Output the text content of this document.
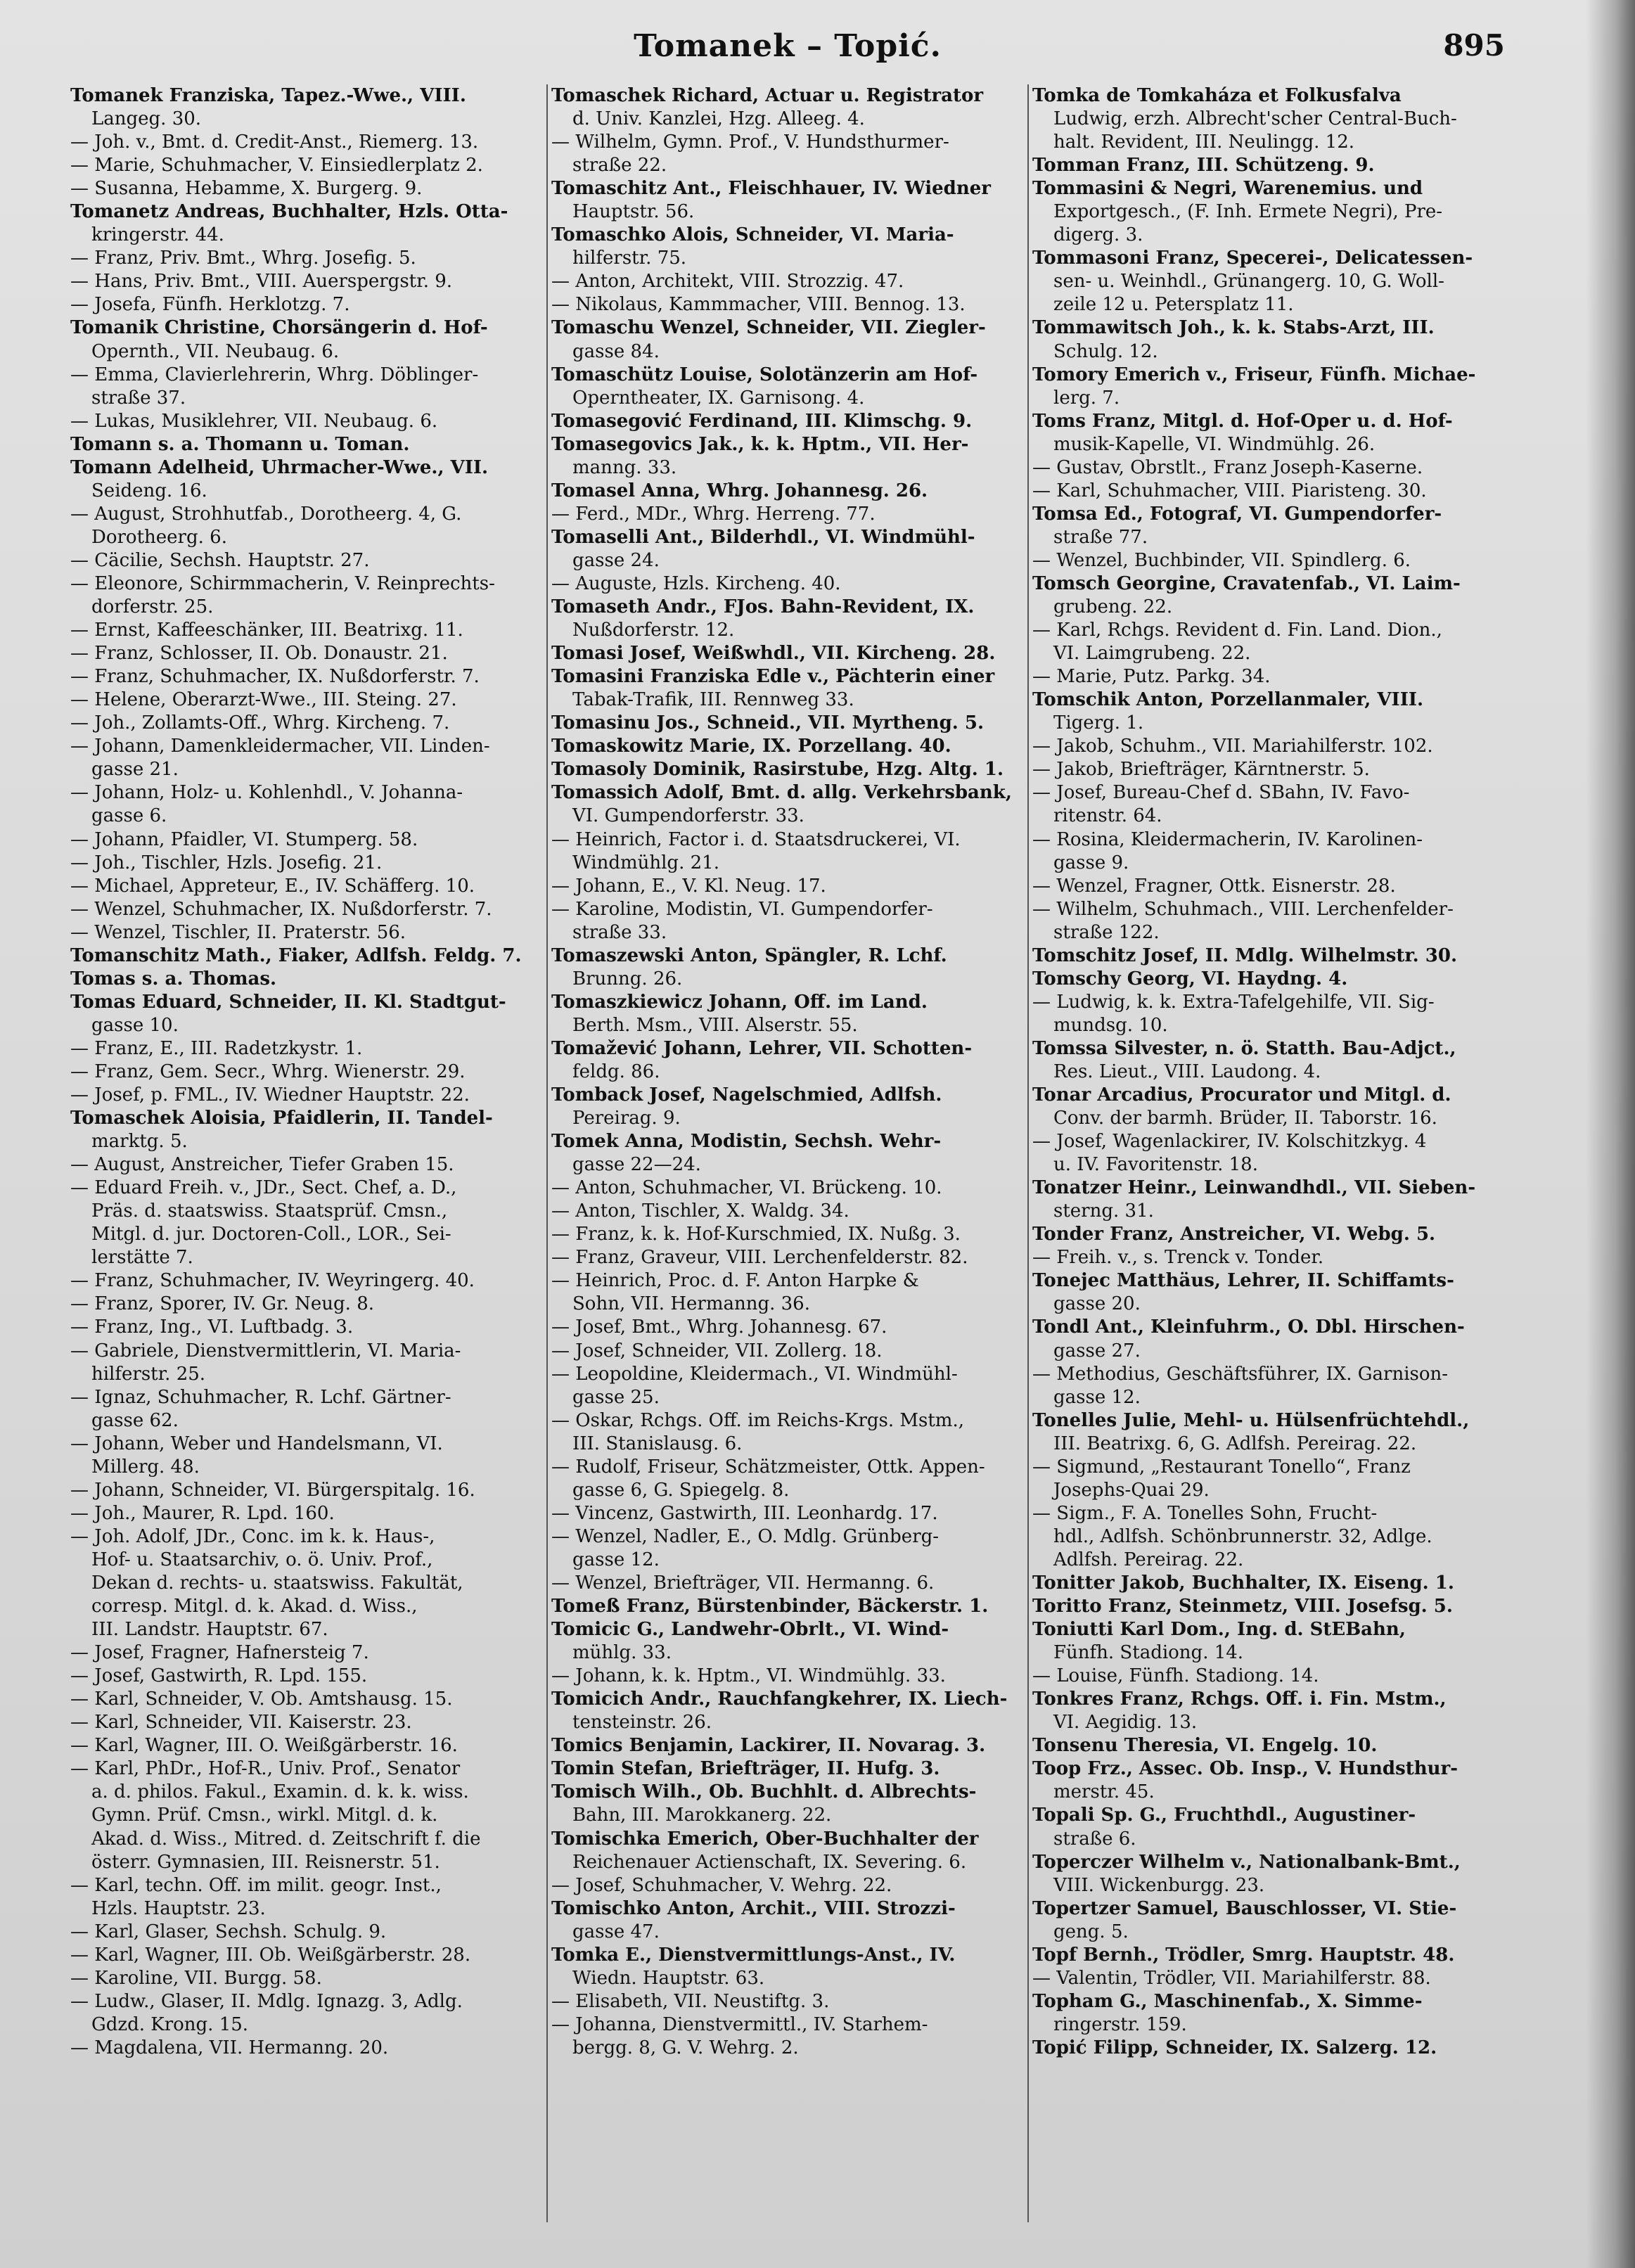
Tomanek – Topić.	895
Tomanek Franziska, Tapez.-Wwe., VIII.
Langeg. 30.
— Joh. v., Bmt. d. Credit-Anst., Riemerg. 13.
— Marie, Schuhmacher, V. Einsiedlerplatz 2.
— Susanna, Hebamme, X. Burgerg. 9.
Tomanetz Andreas, Buchhalter, Hzls. Otta-
kringerstr. 44.
— Franz, Priv. Bmt., Whrg. Josefig. 5.
— Hans, Priv. Bmt., VIII. Auerspergstr. 9.
— Josefa, Fünfh. Herklotzg. 7.
Tomanik Christine, Chorsängerin d. Hof-
Opernth., VII. Neubaug. 6.
— Emma, Clavierlehrerin, Whrg. Döblinger-
straße 37.
— Lukas, Musiklehrer, VII. Neubaug. 6.
Tomann s. a. Thomann u. Toman.
Tomann Adelheid, Uhrmacher-Wwe., VII.
Seideng. 16.
— August, Strohhutfab., Dorotheerg. 4, G.
Dorotheerg. 6.
— Cäcilie, Sechsh. Hauptstr. 27.
— Eleonore, Schirmmacherin, V. Reinprechts-
dorferstr. 25.
— Ernst, Kaffeeschänker, III. Beatrixg. 11.
— Franz, Schlosser, II. Ob. Donaustr. 21.
— Franz, Schuhmacher, IX. Nußdorferstr. 7.
— Helene, Oberarzt-Wwe., III. Steing. 27.
— Joh., Zollamts-Off., Whrg. Kircheng. 7.
— Johann, Damenkleidermacher, VII. Linden-
gasse 21.
— Johann, Holz- u. Kohlenhdl., V. Johanna-
gasse 6.
— Johann, Pfaidler, VI. Stumperg. 58.
— Joh., Tischler, Hzls. Josefig. 21.
— Michael, Appreteur, E., IV. Schäfferg. 10.
— Wenzel, Schuhmacher, IX. Nußdorferstr. 7.
— Wenzel, Tischler, II. Praterstr. 56.
Tomanschitz Math., Fiaker, Adlfsh. Feldg. 7.
Tomas s. a. Thomas.
Tomas Eduard, Schneider, II. Kl. Stadtgut-
gasse 10.
— Franz, E., III. Radetzkystr. 1.
— Franz, Gem. Secr., Whrg. Wienerstr. 29.
— Josef, p. FML., IV. Wiedner Hauptstr. 22.
Tomaschek Aloisia, Pfaidlerin, II. Tandel-
marktg. 5.
— August, Anstreicher, Tiefer Graben 15.
— Eduard Freih. v., JDr., Sect. Chef, a. D.,
Präs. d. staatswiss. Staatsprüf. Cmsn.,
Mitgl. d. jur. Doctoren-Coll., LOR., Sei-
lerstätte 7.
— Franz, Schuhmacher, IV. Weyringerg. 40.
— Franz, Sporer, IV. Gr. Neug. 8.
— Franz, Ing., VI. Luftbadg. 3.
— Gabriele, Dienstvermittlerin, VI. Maria-
hilferstr. 25.
— Ignaz, Schuhmacher, R. Lchf. Gärtner-
gasse 62.
— Johann, Weber und Handelsmann, VI.
Millerg. 48.
— Johann, Schneider, VI. Bürgerspitalg. 16.
— Joh., Maurer, R. Lpd. 160.
— Joh. Adolf, JDr., Conc. im k. k. Haus-,
Hof- u. Staatsarchiv, o. ö. Univ. Prof.,
Dekan d. rechts- u. staatswiss. Fakultät,
corresp. Mitgl. d. k. Akad. d. Wiss.,
III. Landstr. Hauptstr. 67.
— Josef, Fragner, Hafnersteig 7.
— Josef, Gastwirth, R. Lpd. 155.
— Karl, Schneider, V. Ob. Amtshausg. 15.
— Karl, Schneider, VII. Kaiserstr. 23.
— Karl, Wagner, III. O. Weißgärberstr. 16.
— Karl, PhDr., Hof-R., Univ. Prof., Senator
a. d. philos. Fakul., Examin. d. k. k. wiss.
Gymn. Prüf. Cmsn., wirkl. Mitgl. d. k.
Akad. d. Wiss., Mitred. d. Zeitschrift f. die
österr. Gymnasien, III. Reisnerstr. 51.
— Karl, techn. Off. im milit. geogr. Inst.,
Hzls. Hauptstr. 23.
— Karl, Glaser, Sechsh. Schulg. 9.
— Karl, Wagner, III. Ob. Weißgärberstr. 28.
— Karoline, VII. Burgg. 58.
— Ludw., Glaser, II. Mdlg. Ignazg. 3, Adlg.
Gdzd. Krong. 15.
— Magdalena, VII. Hermanng. 20.
Tomaschek Richard, Actuar u. Registrator
d. Univ. Kanzlei, Hzg. Alleeg. 4.
— Wilhelm, Gymn. Prof., V. Hundsthurmer-
straße 22.
Tomaschitz Ant., Fleischhauer, IV. Wiedner
Hauptstr. 56.
Tomaschko Alois, Schneider, VI. Maria-
hilferstr. 75.
— Anton, Architekt, VIII. Strozzig. 47.
— Nikolaus, Kammmacher, VIII. Bennog. 13.
Tomaschu Wenzel, Schneider, VII. Ziegler-
gasse 84.
Tomaschütz Louise, Solotänzerin am Hof-
Operntheater, IX. Garnisong. 4.
Tomasegović Ferdinand, III. Klimschg. 9.
Tomasegovics Jak., k. k. Hptm., VII. Her-
manng. 33.
Tomasel Anna, Whrg. Johannesg. 26.
— Ferd., MDr., Whrg. Herreng. 77.
Tomaselli Ant., Bilderhdl., VI. Windmühl-
gasse 24.
— Auguste, Hzls. Kircheng. 40.
Tomaseth Andr., FJos. Bahn-Revident, IX.
Nußdorferstr. 12.
Tomasi Josef, Weißwhdl., VII. Kircheng. 28.
Tomasini Franziska Edle v., Pächterin einer
Tabak-Trafik, III. Rennweg 33.
Tomasinu Jos., Schneid., VII. Myrtheng. 5.
Tomaskowitz Marie, IX. Porzellang. 40.
Tomasoly Dominik, Rasirstube, Hzg. Altg. 1.
Tomassich Adolf, Bmt. d. allg. Verkehrsbank,
VI. Gumpendorferstr. 33.
— Heinrich, Factor i. d. Staatsdruckerei, VI.
Windmühlg. 21.
— Johann, E., V. Kl. Neug. 17.
— Karoline, Modistin, VI. Gumpendorfer-
straße 33.
Tomaszewski Anton, Spängler, R. Lchf.
Brunng. 26.
Tomaszkiewicz Johann, Off. im Land.
Berth. Msm., VIII. Alserstr. 55.
Tomažević Johann, Lehrer, VII. Schotten-
feldg. 86.
Tomback Josef, Nagelschmied, Adlfsh.
Pereirag. 9.
Tomek Anna, Modistin, Sechsh. Wehr-
gasse 22—24.
— Anton, Schuhmacher, VI. Brückeng. 10.
— Anton, Tischler, X. Waldg. 34.
— Franz, k. k. Hof-Kurschmied, IX. Nußg. 3.
— Franz, Graveur, VIII. Lerchenfelderstr. 82.
— Heinrich, Proc. d. F. Anton Harpke &
Sohn, VII. Hermanng. 36.
— Josef, Bmt., Whrg. Johannesg. 67.
— Josef, Schneider, VII. Zollerg. 18.
— Leopoldine, Kleidermach., VI. Windmühl-
gasse 25.
— Oskar, Rchgs. Off. im Reichs-Krgs. Mstm.,
III. Stanislausg. 6.
— Rudolf, Friseur, Schätzmeister, Ottk. Appen-
gasse 6, G. Spiegelg. 8.
— Vincenz, Gastwirth, III. Leonhardg. 17.
— Wenzel, Nadler, E., O. Mdlg. Grünberg-
gasse 12.
— Wenzel, Briefträger, VII. Hermanng. 6.
Tomeß Franz, Bürstenbinder, Bäckerstr. 1.
Tomicic G., Landwehr-Obrlt., VI. Wind-
mühlg. 33.
— Johann, k. k. Hptm., VI. Windmühlg. 33.
Tomicich Andr., Rauchfangkehrer, IX. Liech-
tensteinstr. 26.
Tomics Benjamin, Lackirer, II. Novarag. 3.
Tomin Stefan, Briefträger, II. Hufg. 3.
Tomisch Wilh., Ob. Buchhlt. d. Albrechts-
Bahn, III. Marokkanerg. 22.
Tomischka Emerich, Ober-Buchhalter der
Reichenauer Actienschaft, IX. Severing. 6.
— Josef, Schuhmacher, V. Wehrg. 22.
Tomischko Anton, Archit., VIII. Strozzi-
gasse 47.
Tomka E., Dienstvermittlungs-Anst., IV.
Wiedn. Hauptstr. 63.
— Elisabeth, VII. Neustiftg. 3.
— Johanna, Dienstvermittl., IV. Starhem-
bergg. 8, G. V. Wehrg. 2.
Tomka de Tomkaháza et Folkusfalva
Ludwig, erzh. Albrecht'scher Central-Buch-
halt. Revident, III. Neulingg. 12.
Tomman Franz, III. Schützeng. 9.
Tommasini & Negri, Warenemius. und
Exportgesch., (F. Inh. Ermete Negri), Pre-
digerg. 3.
Tommasoni Franz, Specerei-, Delicatessen-
sen- u. Weinhdl., Grünangerg. 10, G. Woll-
zeile 12 u. Petersplatz 11.
Tommawitsch Joh., k. k. Stabs-Arzt, III.
Schulg. 12.
Tomory Emerich v., Friseur, Fünfh. Michae-
lerg. 7.
Toms Franz, Mitgl. d. Hof-Oper u. d. Hof-
musik-Kapelle, VI. Windmühlg. 26.
— Gustav, Obrstlt., Franz Joseph-Kaserne.
— Karl, Schuhmacher, VIII. Piaristeng. 30.
Tomsa Ed., Fotograf, VI. Gumpendorfer-
straße 77.
— Wenzel, Buchbinder, VII. Spindlerg. 6.
Tomsch Georgine, Cravatenfab., VI. Laim-
grubeng. 22.
— Karl, Rchgs. Revident d. Fin. Land. Dion.,
VI. Laimgrubeng. 22.
— Marie, Putz. Parkg. 34.
Tomschik Anton, Porzellanmaler, VIII.
Tigerg. 1.
— Jakob, Schuhm., VII. Mariahilferstr. 102.
— Jakob, Briefträger, Kärntnerstr. 5.
— Josef, Bureau-Chef d. SBahn, IV. Favo-
ritenstr. 64.
— Rosina, Kleidermacherin, IV. Karolinen-
gasse 9.
— Wenzel, Fragner, Ottk. Eisnerstr. 28.
— Wilhelm, Schuhmach., VIII. Lerchenfelder-
straße 122.
Tomschitz Josef, II. Mdlg. Wilhelmstr. 30.
Tomschy Georg, VI. Haydng. 4.
— Ludwig, k. k. Extra-Tafelgehilfe, VII. Sig-
mundsg. 10.
Tomssa Silvester, n. ö. Statth. Bau-Adjct.,
Res. Lieut., VIII. Laudong. 4.
Tonar Arcadius, Procurator und Mitgl. d.
Conv. der barmh. Brüder, II. Taborstr. 16.
— Josef, Wagenlackirer, IV. Kolschitzkyg. 4
u. IV. Favoritenstr. 18.
Tonatzer Heinr., Leinwandhdl., VII. Sieben-
sterng. 31.
Tonder Franz, Anstreicher, VI. Webg. 5.
— Freih. v., s. Trenck v. Tonder.
Tonejec Matthäus, Lehrer, II. Schiffamts-
gasse 20.
Tondl Ant., Kleinfuhrm., O. Dbl. Hirschen-
gasse 27.
— Methodius, Geschäftsführer, IX. Garnison-
gasse 12.
Tonelles Julie, Mehl- u. Hülsenfrüchtehdl.,
III. Beatrixg. 6, G. Adlfsh. Pereirag. 22.
— Sigmund, „Restaurant Tonello“, Franz
Josephs-Quai 29.
— Sigm., F. A. Tonelles Sohn, Frucht-
hdl., Adlfsh. Schönbrunnerstr. 32, Adlge.
Adlfsh. Pereirag. 22.
Tonitter Jakob, Buchhalter, IX. Eiseng. 1.
Toritto Franz, Steinmetz, VIII. Josefsg. 5.
Toniutti Karl Dom., Ing. d. StEBahn,
Fünfh. Stadiong. 14.
— Louise, Fünfh. Stadiong. 14.
Tonkres Franz, Rchgs. Off. i. Fin. Mstm.,
VI. Aegidig. 13.
Tonsenu Theresia, VI. Engelg. 10.
Toop Frz., Assec. Ob. Insp., V. Hundsthur-
merstr. 45.
Topali Sp. G., Fruchthdl., Augustiner-
straße 6.
Toperczer Wilhelm v., Nationalbank-Bmt.,
VIII. Wickenburgg. 23.
Topertzer Samuel, Bauschlosser, VI. Stie-
geng. 5.
Topf Bernh., Trödler, Smrg. Hauptstr. 48.
— Valentin, Trödler, VII. Mariahilferstr. 88.
Topham G., Maschinenfab., X. Simme-
ringerstr. 159.
Topić Filipp, Schneider, IX. Salzerg. 12.
